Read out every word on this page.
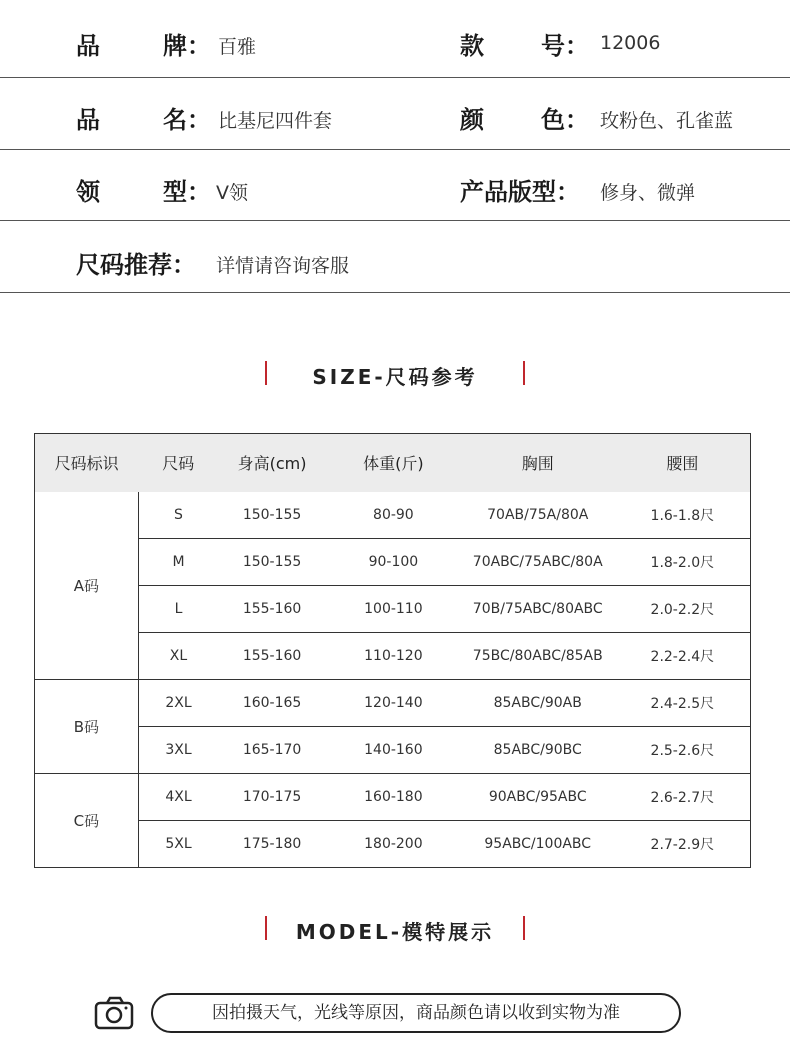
品	牌： 百雅	款 号： 12006
品	名： 比基尼四件套	颜 色： 玫粉色、孔雀蓝
领	型： V领	产品版型： 修身、微弹
尺码推荐： 详情请咨询客服
SIZE-尺码参考
尺码标识	尺码	身高(cm)	体重(斤)	胸围	腰围
A码	S	150-155	80-90	70AB/75A/80A	1.6-1.8尺
	M	150-155	90-100	70ABC/75ABC/80A	1.8-2.0尺
	L	155-160	100-110	70B/75ABC/80ABC	2.0-2.2尺
	XL	155-160	110-120	75BC/80ABC/85AB	2.2-2.4尺
B码	2XL	160-165	120-140	85ABC/90AB	2.4-2.5尺
	3XL	165-170	140-160	85ABC/90BC	2.5-2.6尺
C码	4XL	170-175	160-180	90ABC/95ABC	2.6-2.7尺
	5XL	175-180	180-200	95ABC/100ABC	2.7-2.9尺
MODEL-模特展示
因拍摄天气，光线等原因，商品颜色请以收到实物为准
